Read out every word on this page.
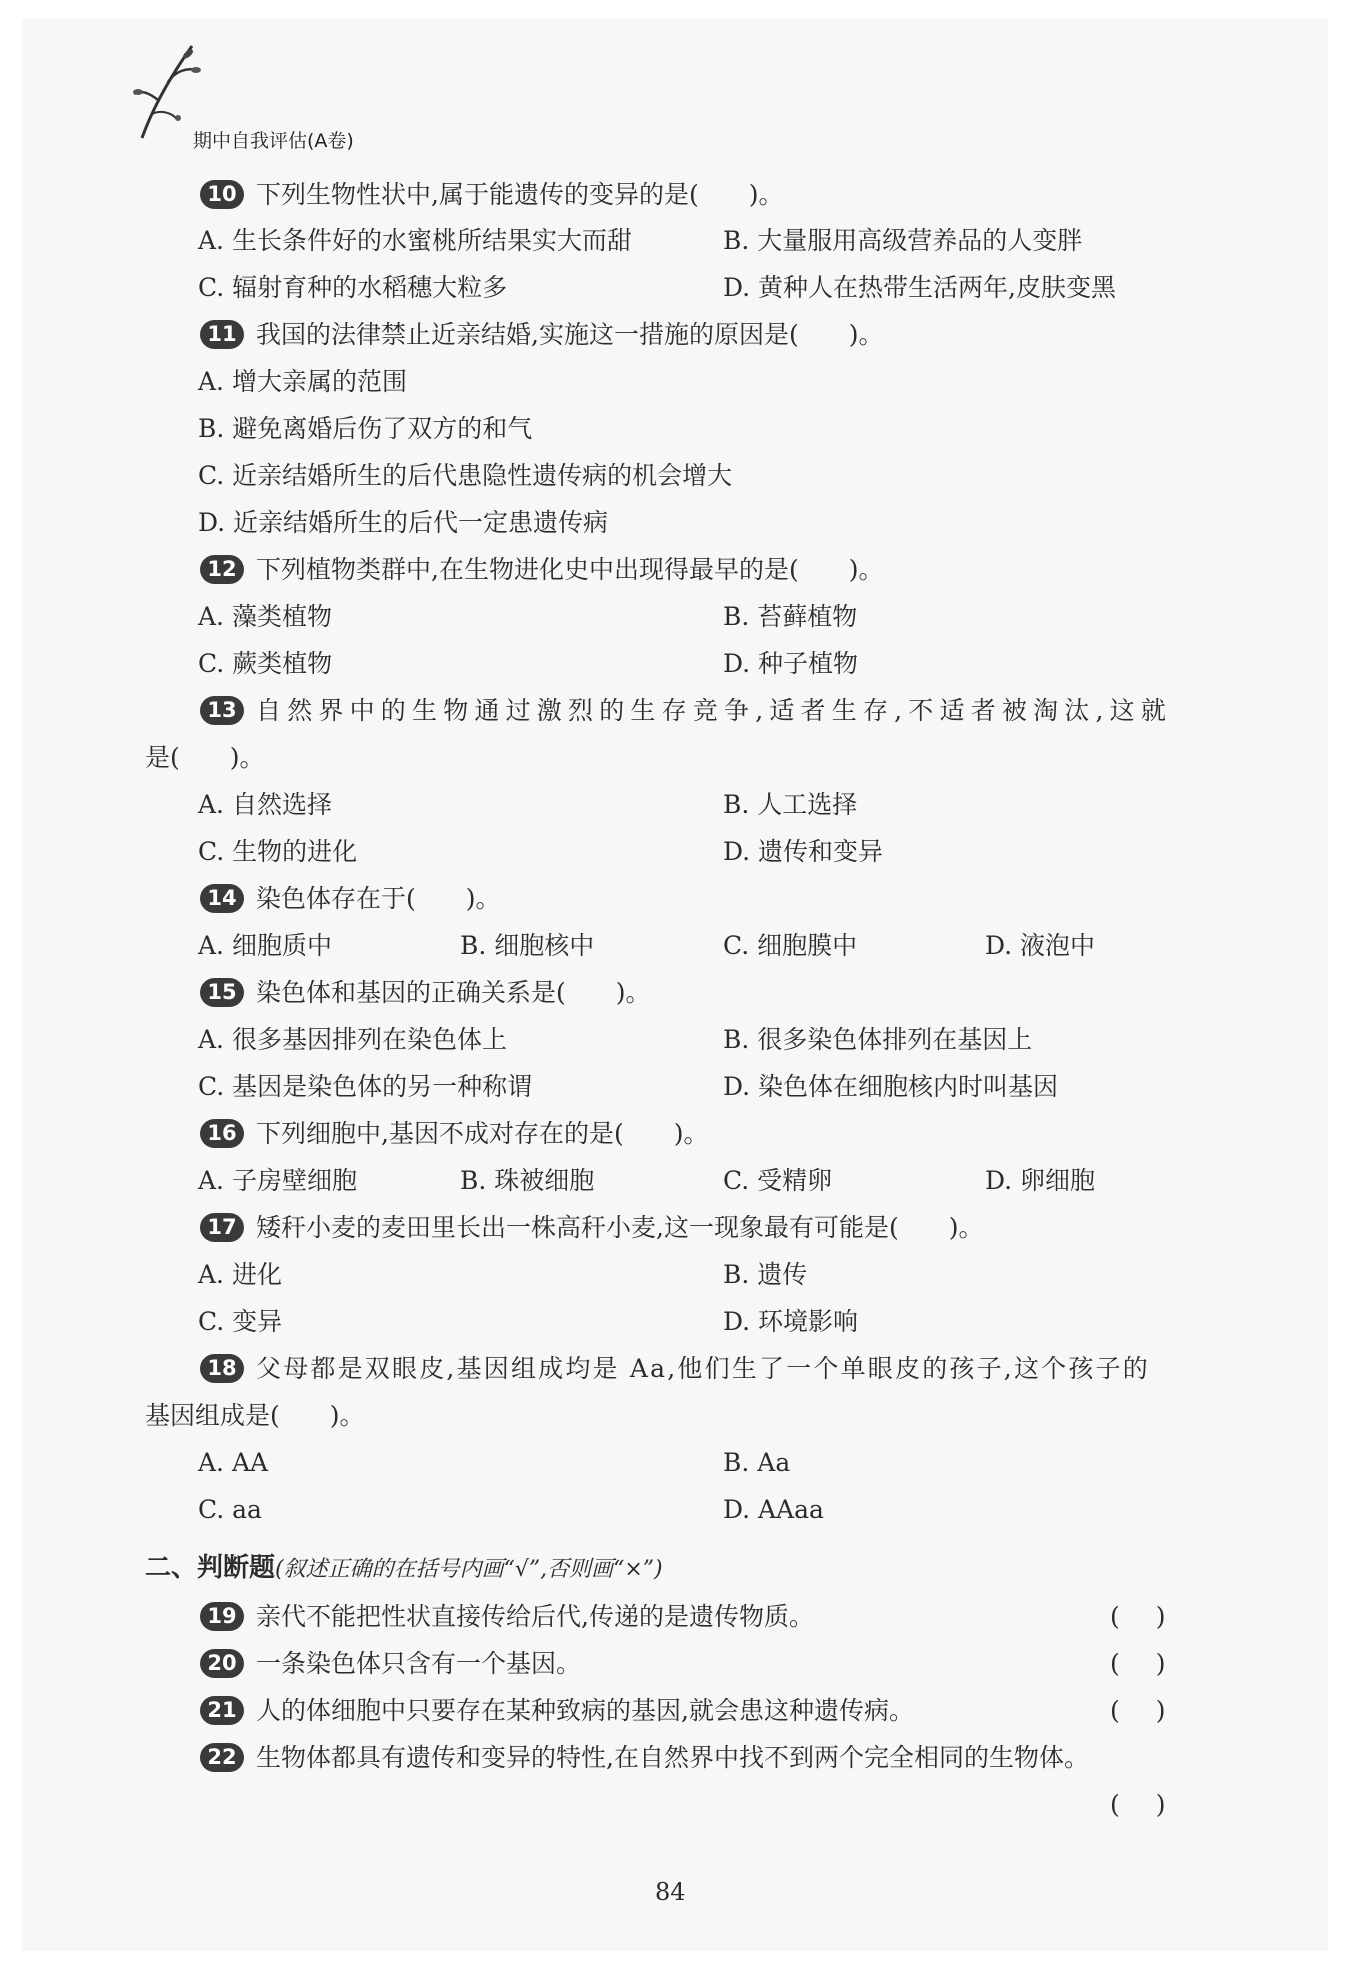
期中自我评估(A卷)
10 下列生物性状中,属于能遗传的变异的是(　　)。
A. 生长条件好的水蜜桃所结果实大而甜	B. 大量服用高级营养品的人变胖
C. 辐射育种的水稻穗大粒多	D. 黄种人在热带生活两年,皮肤变黑
11 我国的法律禁止近亲结婚,实施这一措施的原因是(　　)。
A. 增大亲属的范围
B. 避免离婚后伤了双方的和气
C. 近亲结婚所生的后代患隐性遗传病的机会增大
D. 近亲结婚所生的后代一定患遗传病
12 下列植物类群中,在生物进化史中出现得最早的是(　　)。
A. 藻类植物	B. 苔藓植物
C. 蕨类植物	D. 种子植物
13 自然界中的生物通过激烈的生存竞争,适者生存,不适者被淘汰,这就
是(　　)。
A. 自然选择	B. 人工选择
C. 生物的进化	D. 遗传和变异
14 染色体存在于(　　)。
A. 细胞质中	B. 细胞核中	C. 细胞膜中	D. 液泡中
15 染色体和基因的正确关系是(　　)。
A. 很多基因排列在染色体上	B. 很多染色体排列在基因上
C. 基因是染色体的另一种称谓	D. 染色体在细胞核内时叫基因
16 下列细胞中,基因不成对存在的是(　　)。
A. 子房壁细胞	B. 珠被细胞	C. 受精卵	D. 卵细胞
17 矮秆小麦的麦田里长出一株高秆小麦,这一现象最有可能是(　　)。
A. 进化	B. 遗传
C. 变异	D. 环境影响
18 父母都是双眼皮,基因组成均是 Aa,他们生了一个单眼皮的孩子,这个孩子的
基因组成是(　　)。
A. AA	B. Aa
C. aa	D. AAaa
二、判断题(叙述正确的在括号内画“√”,否则画“×”)
19 亲代不能把性状直接传给后代,传递的是遗传物质。	( )
20 一条染色体只含有一个基因。	( )
21 人的体细胞中只要存在某种致病的基因,就会患这种遗传病。	( )
22 生物体都具有遗传和变异的特性,在自然界中找不到两个完全相同的生物体。
( )
84
